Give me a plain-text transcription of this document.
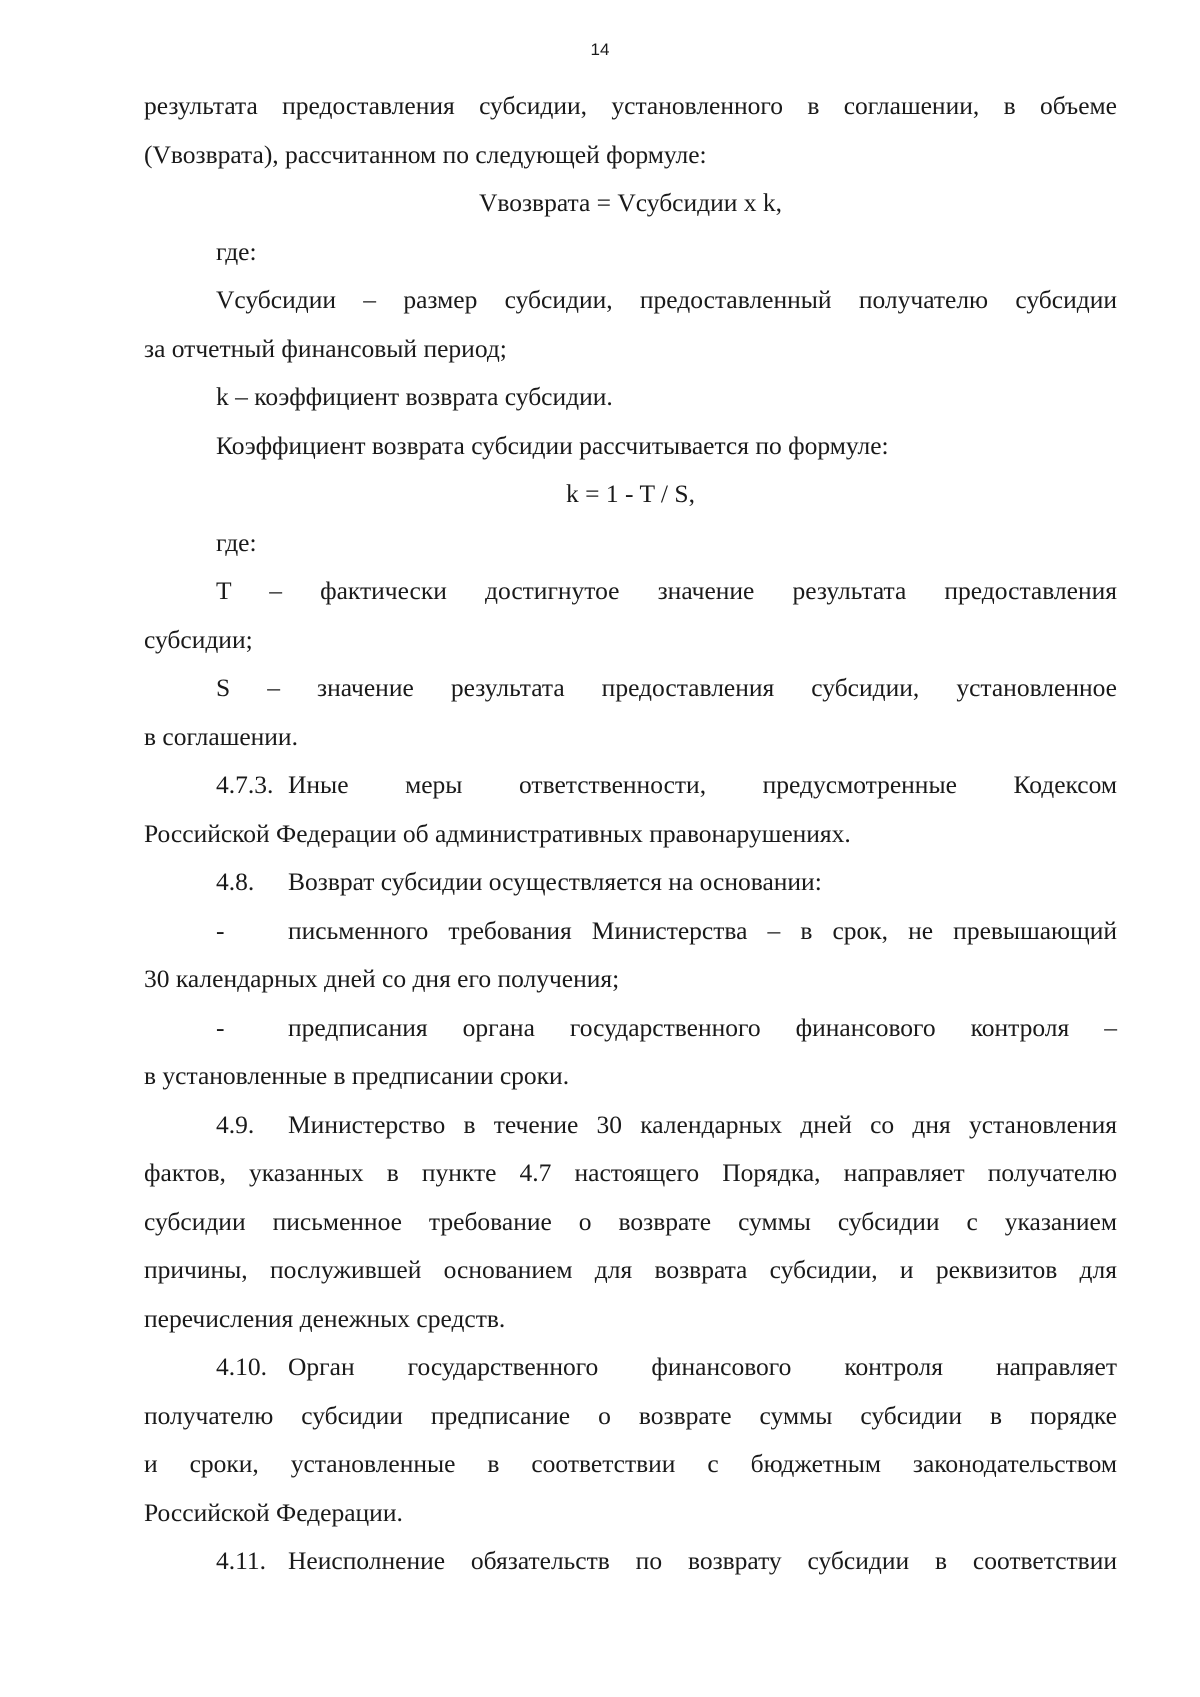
14

результата предоставления субсидии, установленного в соглашении, в объеме

(Vвозврата), рассчитанном по следующей формуле:

Vвозврата = Vсубсидии x k,

где:

Vсубсидии – размер субсидии, предоставленный получателю субсидии

за отчетный финансовый период;

k – коэффициент возврата субсидии.

Коэффициент возврата субсидии рассчитывается по формуле:

k = 1 - T / S,

где:

T – фактически достигнутое значение результата предоставления

субсидии;

S – значение результата предоставления субсидии, установленное

в соглашении.

4.7.3. Иные меры ответственности, предусмотренные Кодексом

Российской Федерации об административных правонарушениях.

4.8. Возврат субсидии осуществляется на основании:

- письменного требования Министерства – в срок, не превышающий

30 календарных дней со дня его получения;

- предписания органа государственного финансового контроля –

в установленные в предписании сроки.

4.9. Министерство в течение 30 календарных дней со дня установления

фактов, указанных в пункте 4.7 настоящего Порядка, направляет получателю

субсидии письменное требование о возврате суммы субсидии с указанием

причины, послужившей основанием для возврата субсидии, и реквизитов для

перечисления денежных средств.

4.10. Орган государственного финансового контроля направляет

получателю субсидии предписание о возврате суммы субсидии в порядке

и сроки, установленные в соответствии с бюджетным законодательством

Российской Федерации.

4.11. Неисполнение обязательств по возврату субсидии в соответствии
